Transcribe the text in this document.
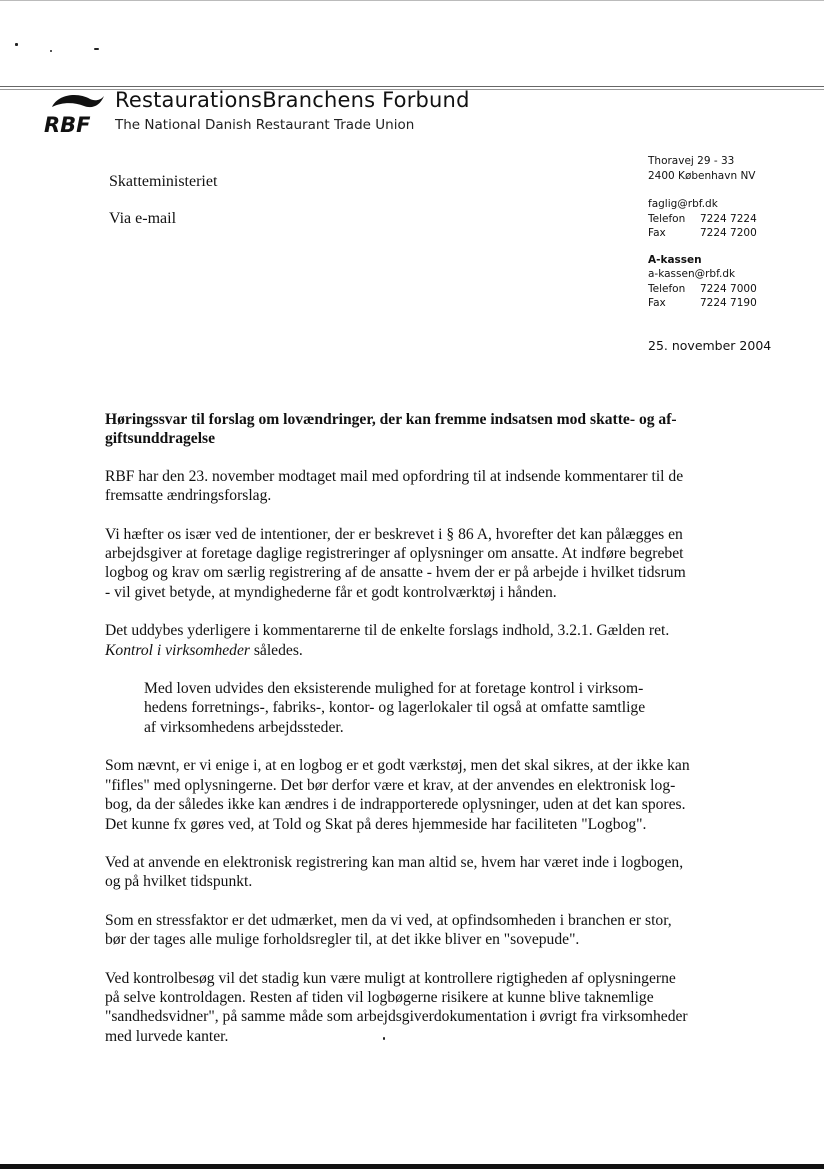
RBF
RestaurationsBranchens Forbund
The National Danish Restaurant Trade Union
Skatteministeriet
Via e-mail
Thoravej 29 - 33
2400 København NV
faglig@rbf.dk
Telefon 7224 7224
Fax	7224 7200
A-kassen
a-kassen@rbf.dk
Telefon 7224 7000
Fax	7224 7190
25. november 2004
Høringssvar til forslag om lovændringer, der kan fremme indsatsen mod skatte- og af-
giftsunddragelse
RBF har den 23. november modtaget mail med opfordring til at indsende kommentarer til de
fremsatte ændringsforslag.
Vi hæfter os især ved de intentioner, der er beskrevet i § 86 A, hvorefter det kan pålægges en
arbejdsgiver at foretage daglige registreringer af oplysninger om ansatte. At indføre begrebet
logbog og krav om særlig registrering af de ansatte - hvem der er på arbejde i hvilket tidsrum
- vil givet betyde, at myndighederne får et godt kontrolværktøj i hånden.
Det uddybes yderligere i kommentarerne til de enkelte forslags indhold, 3.2.1. Gælden ret.
Kontrol i virksomheder således.
Med loven udvides den eksisterende mulighed for at foretage kontrol i virksom-
hedens forretnings-, fabriks-, kontor- og lagerlokaler til også at omfatte samtlige
af virksomhedens arbejdssteder.
Som nævnt, er vi enige i, at en logbog er et godt værkstøj, men det skal sikres, at der ikke kan
"fifles" med oplysningerne. Det bør derfor være et krav, at der anvendes en elektronisk log-
bog, da der således ikke kan ændres i de indrapporterede oplysninger, uden at det kan spores.
Det kunne fx gøres ved, at Told og Skat på deres hjemmeside har faciliteten "Logbog".
Ved at anvende en elektronisk registrering kan man altid se, hvem har været inde i logbogen,
og på hvilket tidspunkt.
Som en stressfaktor er det udmærket, men da vi ved, at opfindsomheden i branchen er stor,
bør der tages alle mulige forholdsregler til, at det ikke bliver en "sovepude".
Ved kontrolbesøg vil det stadig kun være muligt at kontrollere rigtigheden af oplysningerne
på selve kontroldagen. Resten af tiden vil logbøgerne risikere at kunne blive taknemlige
"sandhedsvidner", på samme måde som arbejdsgiverdokumentation i øvrigt fra virksomheder
med lurvede kanter.
